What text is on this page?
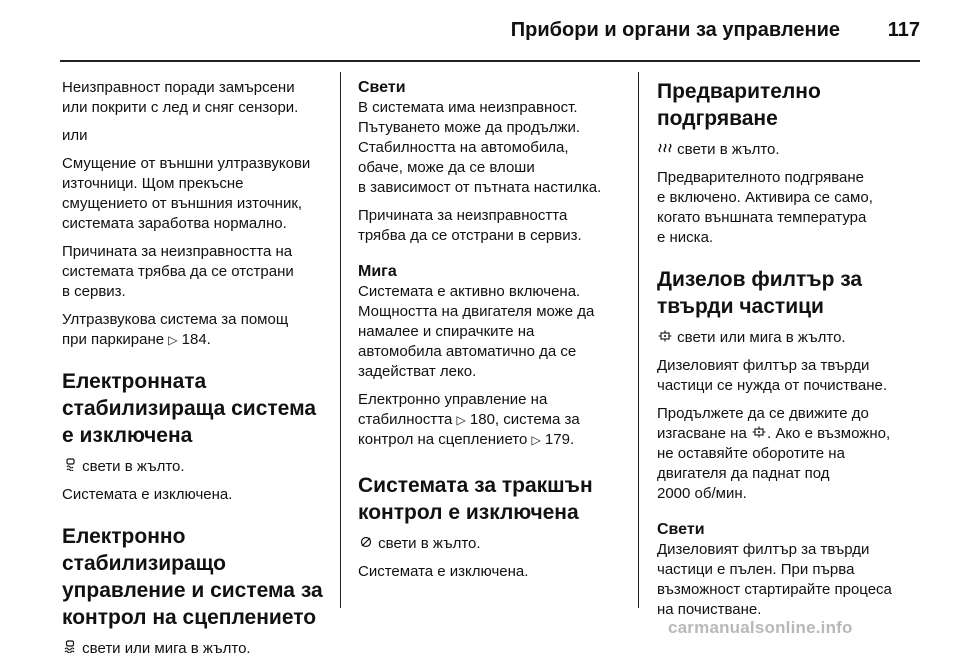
Прибори и органи за управление 117

Неизправност поради замърсени
или покрити с лед и сняг сензори.

или

Смущение от външни ултразвукови
източници. Щом прекъсне
смущението от външния източник,
системата заработва нормално.

Причината за неизправността на
системата трябва да се отстрани
в сервиз.

Ултразвукова система за помощ
при паркиране ▷ 184.

Електронната
стабилизираща система
е изключена

свети в жълто.

Системата е изключена.

Електронно
стабилизиращо
управление и система за
контрол на сцеплението

свети или мига в жълто.

Свети

В системата има неизправност.
Пътуването може да продължи.
Стабилността на автомобила,
обаче, може да се влоши
в зависимост от пътната настилка.

Причината за неизправността
трябва да се отстрани в сервиз.

Мига

Системата е активно включена.
Мощността на двигателя може да
намалее и спирачките на
автомобила автоматично да се
задействат леко.

Електронно управление на
стабилността ▷ 180, система за
контрол на сцеплението ▷ 179.

Системата за тракшън
контрол е изключена

свети в жълто.

Системата е изключена.

Предварително
подгряване

свети в жълто.

Предварителното подгряване
е включено. Активира се само,
когато външната температура
е ниска.

Дизелов филтър за
твърди частици

свети или мига в жълто.

Дизеловият филтър за твърди
частици се нужда от почистване.

Продължете да се движите до
изгасване на . Ако е възможно,
не оставяйте оборотите на
двигателя да паднат под
2000 об/мин.

Свети

Дизеловият филтър за твърди
частици е пълен. При първа
възможност стартирайте процеса
на почистване.

carmanualsonline.info
